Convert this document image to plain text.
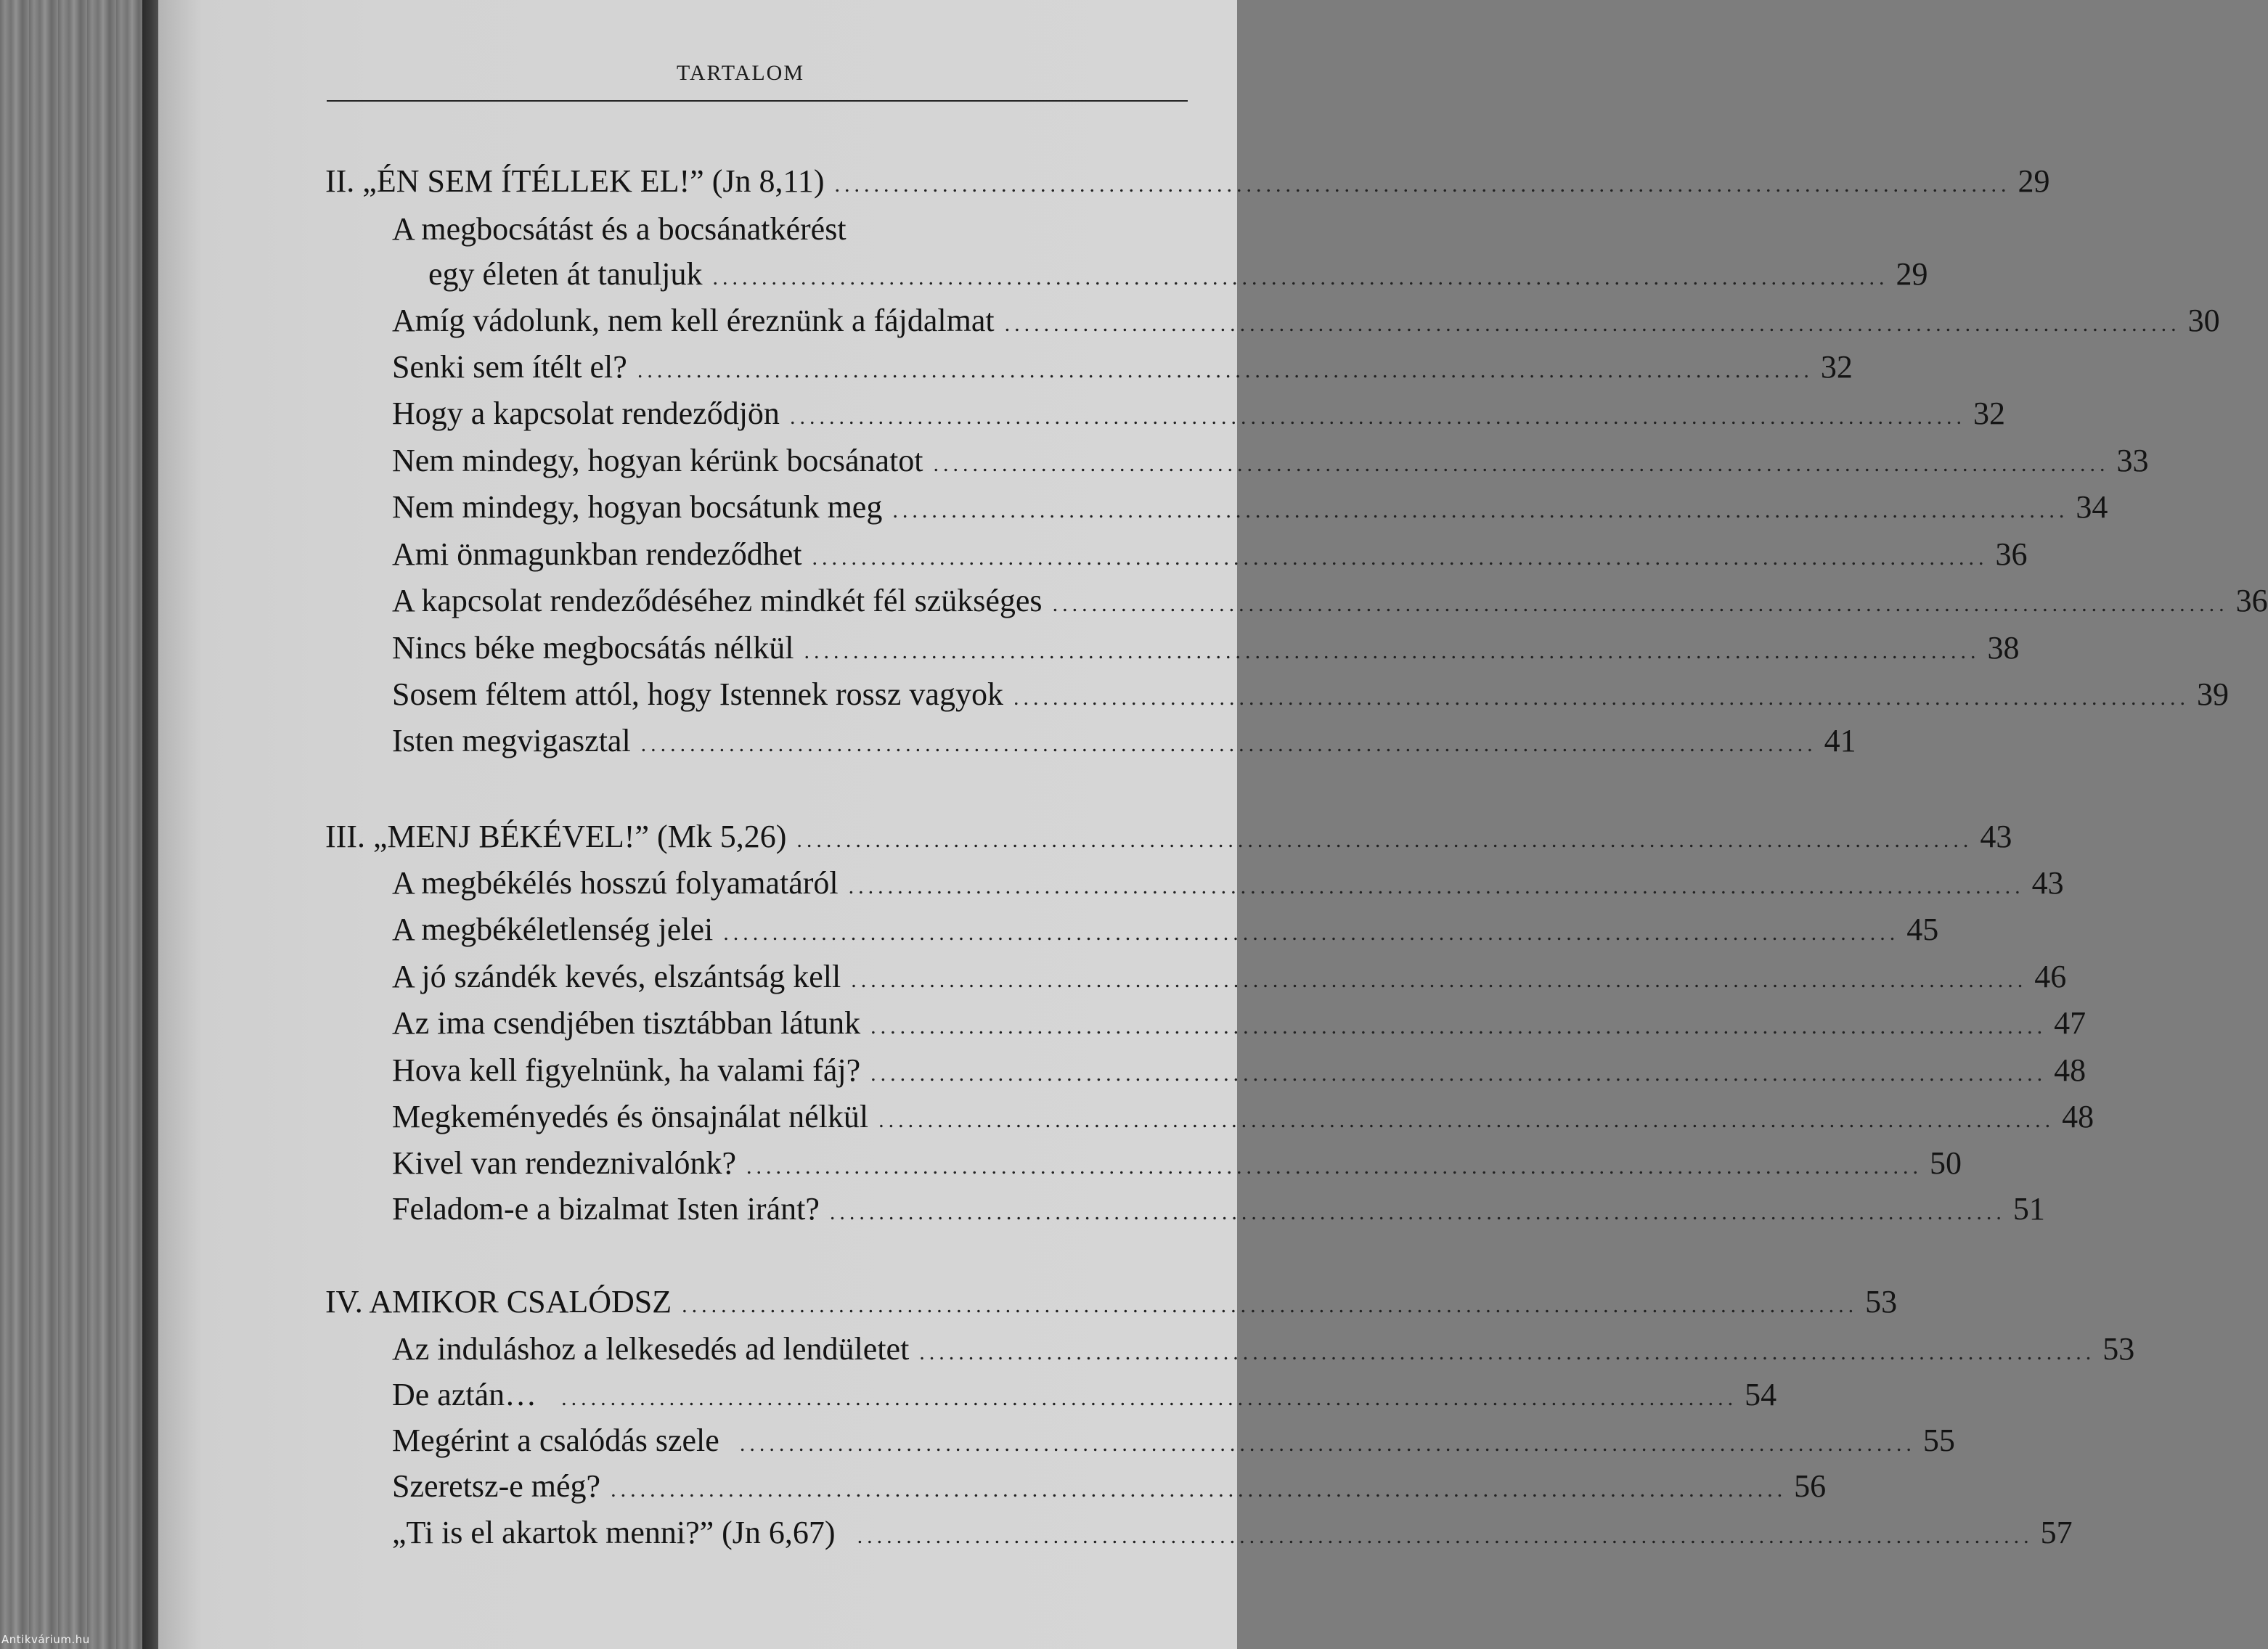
TARTALOM
II. „ÉN SEM ÍTÉLLEK EL!” (Jn 8,11) ........................................................................................................................ 29
A megbocsátást és a bocsánatkérést
egy életen át tanuljuk ........................................................................................................................ 29
Amíg vádolunk, nem kell éreznünk a fájdalmat ........................................................................................................................ 30
Senki sem ítélt el? ........................................................................................................................ 32
Hogy a kapcsolat rendeződjön ........................................................................................................................ 32
Nem mindegy, hogyan kérünk bocsánatot ........................................................................................................................ 33
Nem mindegy, hogyan bocsátunk meg ........................................................................................................................ 34
Ami önmagunkban rendeződhet ........................................................................................................................ 36
A kapcsolat rendeződéséhez mindkét fél szükséges ........................................................................................................................ 36
Nincs béke megbocsátás nélkül ........................................................................................................................ 38
Sosem féltem attól, hogy Istennek rossz vagyok ........................................................................................................................ 39
Isten megvigasztal ........................................................................................................................ 41
III. „MENJ BÉKÉVEL!” (Mk 5,26) ........................................................................................................................ 43
A megbékélés hosszú folyamatáról ........................................................................................................................ 43
A megbékéletlenség jelei ........................................................................................................................ 45
A jó szándék kevés, elszántság kell ........................................................................................................................ 46
Az ima csendjében tisztábban látunk ........................................................................................................................ 47
Hova kell figyelnünk, ha valami fáj? ........................................................................................................................ 48
Megkeményedés és önsajnálat nélkül ........................................................................................................................ 48
Kivel van rendeznivalónk? ........................................................................................................................ 50
Feladom-e a bizalmat Isten iránt? ........................................................................................................................ 51
IV. AMIKOR CSALÓDSZ ........................................................................................................................ 53
Az induláshoz a lelkesedés ad lendületet ........................................................................................................................ 53
De aztán…	........................................................................................................................ 54
Megérint a csalódás szele ........................................................................................................................ 55
Szeretsz-e még? ........................................................................................................................ 56
„Ti is el akartok menni?” (Jn 6,67)	........................................................................................................................ 57
Antikvárium.hu
